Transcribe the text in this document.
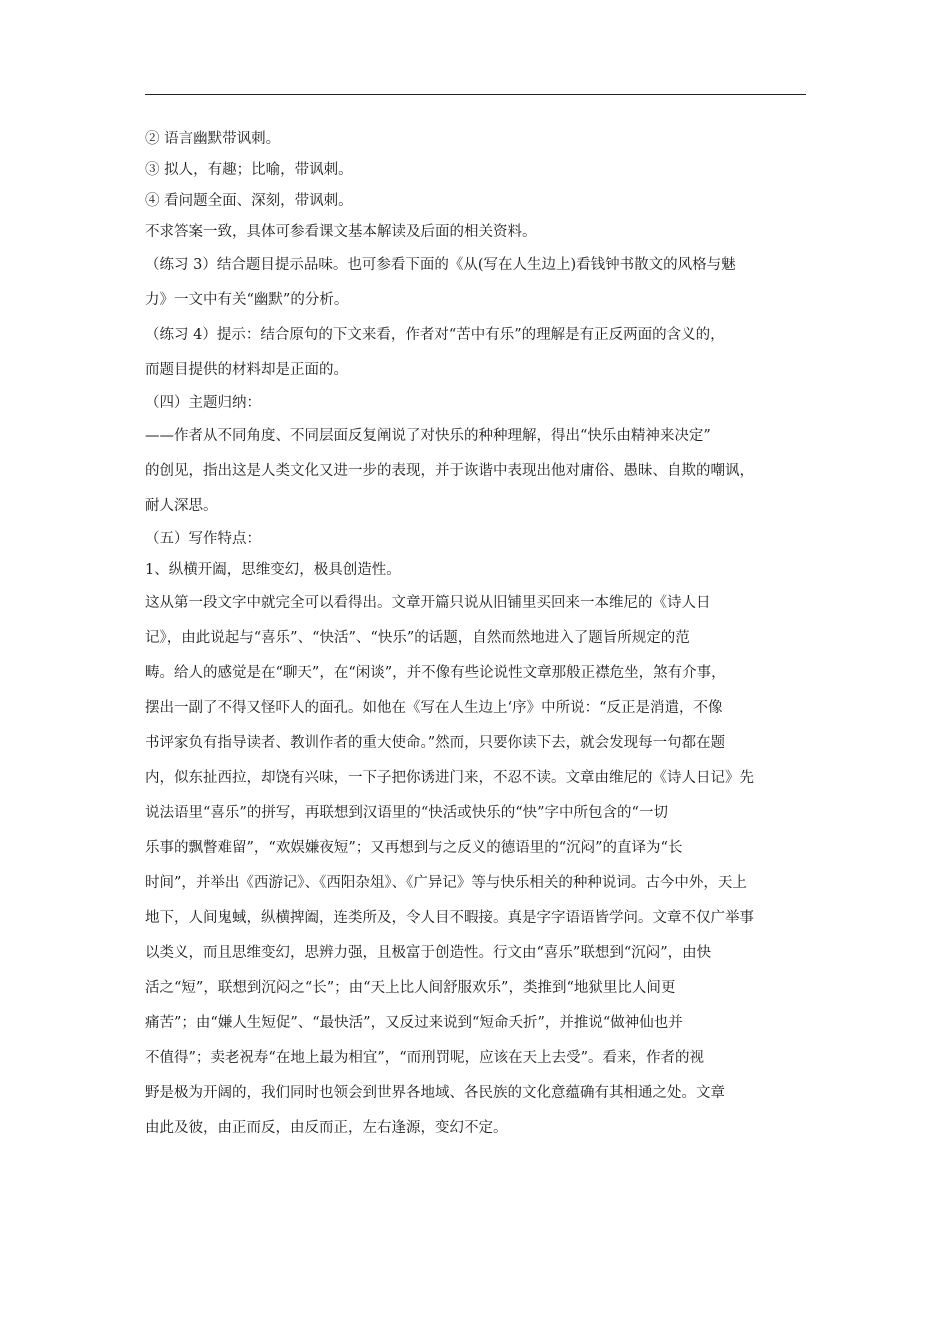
② 语言幽默带讽刺。
③ 拟人，有趣；比喻，带讽刺。
④ 看问题全面、深刻，带讽刺。
不求答案一致，具体可参看课文基本解读及后面的相关资料。
（练习 3）结合题目提示品味。也可参看下面的《从(写在人生边上)看钱钟书散文的风格与魅
力》一文中有关“幽默”的分析。
（练习 4）提示：结合原句的下文来看，作者对“苦中有乐”的理解是有正反两面的含义的，
而题目提供的材料却是正面的。
（四）主题归纳：
——作者从不同角度、不同层面反复阐说了对快乐的种种理解，得出“快乐由精神来决定”
的创见，指出这是人类文化又进一步的表现，并于诙谐中表现出他对庸俗、愚昧、自欺的嘲讽，
耐人深思。
（五）写作特点：
1、纵横开阖，思维变幻，极具创造性。
这从第一段文字中就完全可以看得出。文章开篇只说从旧铺里买回来一本维尼的《诗人日
记》，由此说起与“喜乐”、“快活”、“快乐”的话题，自然而然地进入了题旨所规定的范
畴。给人的感觉是在“聊天”，在“闲谈”，并不像有些论说性文章那般正襟危坐，煞有介事，
摆出一副了不得又怪吓人的面孔。如他在《写在人生边上‘序》中所说：“反正是消遣，不像
书评家负有指导读者、教训作者的重大使命。”然而，只要你读下去，就会发现每一句都在题
内，似东扯西拉，却饶有兴味，一下子把你诱进门来，不忍不读。文章由维尼的《诗人日记》先
说法语里“喜乐”的拼写，再联想到汉语里的“快活或快乐的“快”字中所包含的“一切
乐事的飘瞥难留”，“欢娱嫌夜短”；又再想到与之反义的德语里的“沉闷”的直译为“长
时间”，并举出《西游记》、《西阳杂俎》、《广异记》等与快乐相关的种种说词。古今中外，天上
地下，人间鬼蜮，纵横捭阖，连类所及，令人目不暇接。真是字字语语皆学问。文章不仅广举事
以类义，而且思维变幻，思辨力强，且极富于创造性。行文由“喜乐”联想到“沉闷”，由快
活之“短”，联想到沉闷之“长”；由“天上比人间舒服欢乐”，类推到“地狱里比人间更
痛苦”；由“嫌人生短促”、“最快活”，又反过来说到“短命夭折”，并推说“做神仙也并
不值得”；卖老祝寿“在地上最为相宜”，“而刑罚呢，应该在天上去受”。看来，作者的视
野是极为开阔的，我们同时也领会到世界各地域、各民族的文化意蕴确有其相通之处。文章
由此及彼，由正而反，由反而正，左右逢源，变幻不定。
